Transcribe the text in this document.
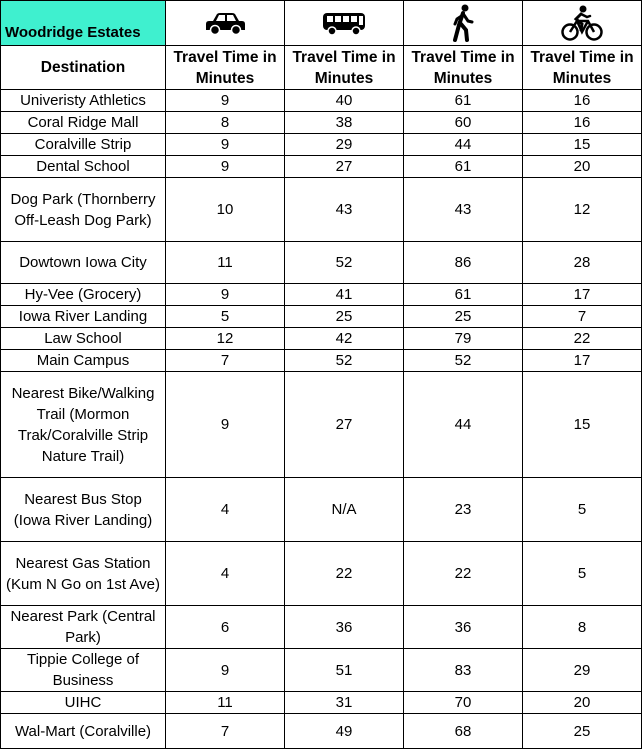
Woodridge Estates	

Destination	Travel Time in Minutes	Travel Time in Minutes	Travel Time in Minutes	Travel Time in Minutes
Univeristy Athletics	9	40	61	16
Coral Ridge Mall	8	38	60	16
Coralville Strip	9	29	44	15
Dental School	9	27	61	20
Dog Park (Thornberry Off-Leash Dog Park)	10	43	43	12
Dowtown Iowa City	11	52	86	28
Hy-Vee (Grocery)	9	41	61	17
Iowa River Landing	5	25	25	7
Law School	12	42	79	22
Main Campus	7	52	52	17
Nearest Bike/Walking Trail (Mormon Trak/Coralville Strip Nature Trail)	9	27	44	15
Nearest Bus Stop (Iowa River Landing)	4	N/A	23	5
Nearest Gas Station (Kum N Go on 1st Ave)	4	22	22	5
Nearest Park (Central Park)	6	36	36	8
Tippie College of Business	9	51	83	29
UIHC	11	31	70	20
Wal-Mart (Coralville)	7	49	68	25
